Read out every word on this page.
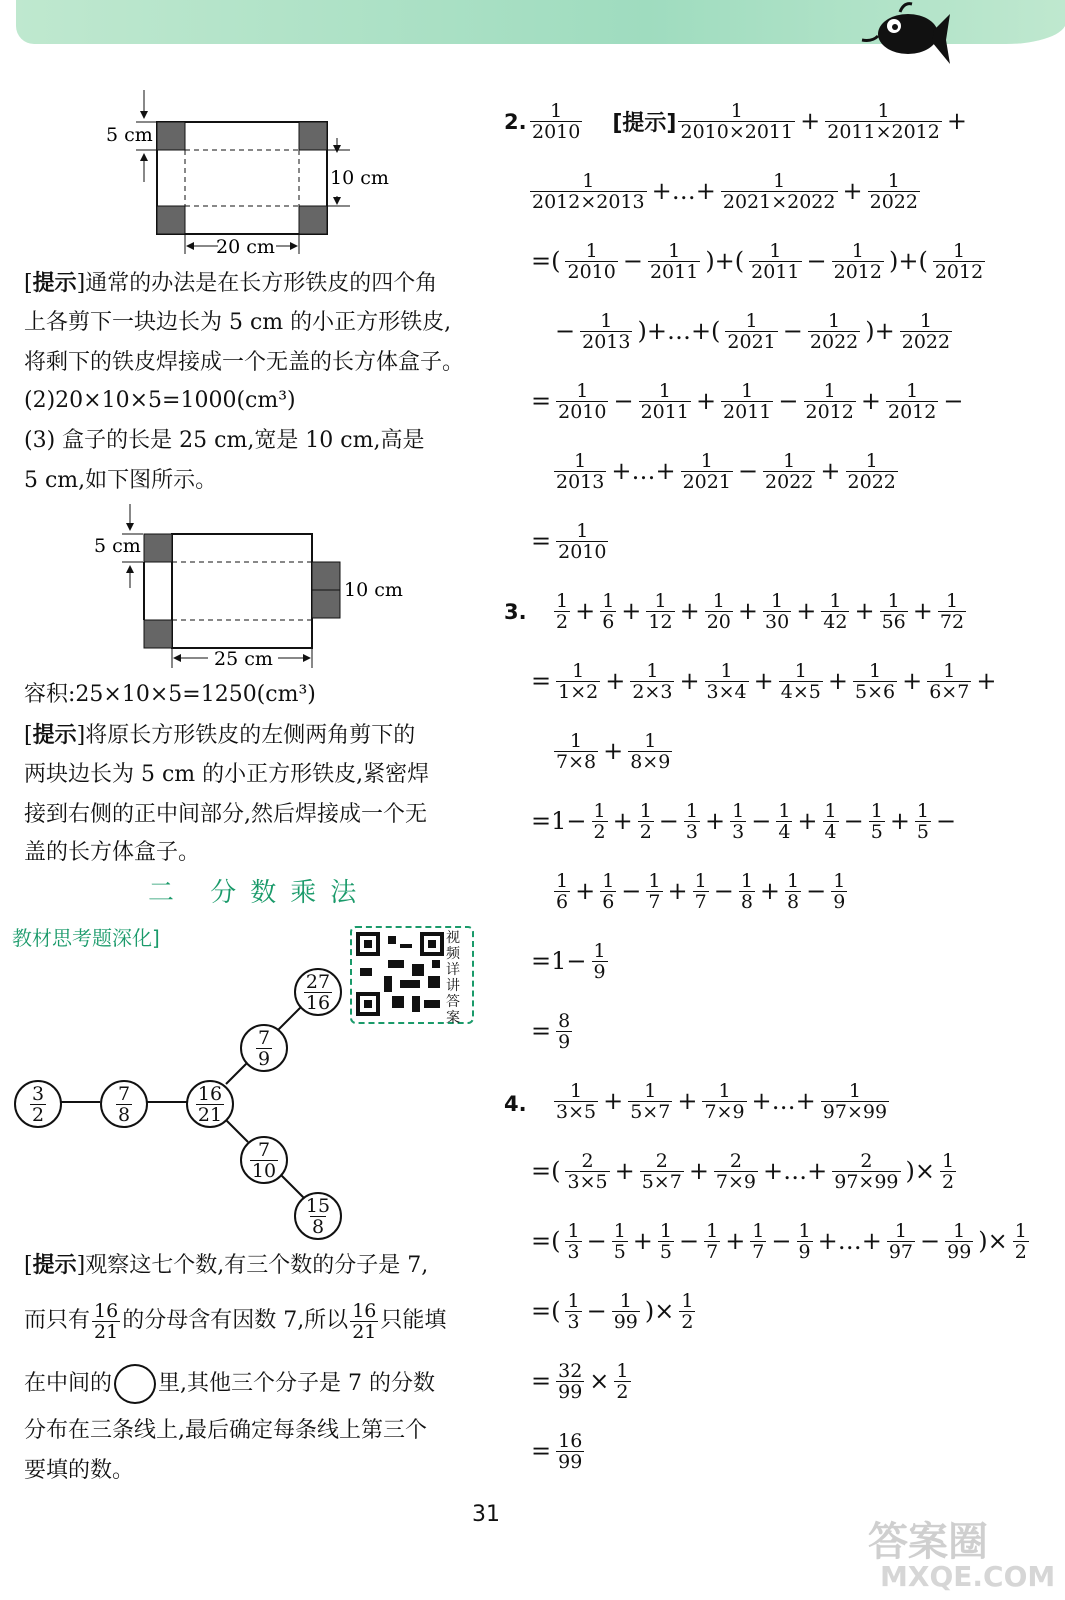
5 cm
10 cm
20 cm
[提示]通常的办法是在长方形铁皮的四个角
上各剪下一块边长为 5 cm 的小正方形铁皮,
将剩下的铁皮焊接成一个无盖的长方体盒子。
(2)20×10×5=1000(cm³)
(3) 盒子的长是 25 cm,宽是 10 cm,高是
5 cm,如下图所示。
5 cm
10 cm
25 cm
容积:25×10×5=1250(cm³)
[提示]将原长方形铁皮的左侧两角剪下的
两块边长为 5 cm 的小正方形铁皮,紧密焊
接到右侧的正中间部分,然后焊接成一个无
盖的长方体盒子。
二 分数乘法
教材思考题深化]	视频详讲答案
$\frac{3}{2}$	$\frac{7}{8}$	$\frac{16}{21}$
$\frac{7}{9}$
$\frac{27}{16}$
$\frac{7}{10}$
$\frac{15}{8}$
[提示]观察这七个数,有三个数的分子是 7,
而只有 $\frac{16}{21}$ 的分母含有因数 7,所以 $\frac{16}{21}$ 只能填
在中间的 里,其他三个分子是 7 的分数
分布在三条线上,最后确定每条线上第三个
要填的数。
2. $\frac{1}{2010}$ [提示] $\frac{1}{2010\times 2011} + \frac{1}{2011\times 2012}$ +
$\frac{1}{2012\times 2013}$ +…+ $\frac{1}{2021\times 2022} + \frac{1}{2022}$
=( $\frac{1}{2010} - \frac{1}{2011}$ )+( $\frac{1}{2011} - \frac{1}{2012}$ )+( $\frac{1}{2012}$
− $\frac{1}{2013}$ )+…+( $\frac{1}{2021} - \frac{1}{2022}$ )+ $\frac{1}{2022}$
= $\frac{1}{2010} - \frac{1}{2011} + \frac{1}{2011} - \frac{1}{2012} + \frac{1}{2012}$ −
$\frac{1}{2013}$ +…+ $\frac{1}{2021} - \frac{1}{2022} + \frac{1}{2022}$
= $\frac{1}{2010}$
3. $\frac{1}{2} + \frac{1}{6} + \frac{1}{12} + \frac{1}{20} + \frac{1}{30} + \frac{1}{42} + \frac{1}{56} + \frac{1}{72}$
= $\frac{1}{1\times 2} + \frac{1}{2\times 3} + \frac{1}{3\times 4} + \frac{1}{4\times 5} + \frac{1}{5\times 6} + \frac{1}{6\times 7}$ +
$\frac{1}{7\times 8} + \frac{1}{8\times 9}$
$=1- \frac{1}{2} + \frac{1}{2} - \frac{1}{3} + \frac{1}{3} - \frac{1}{4} + \frac{1}{4} - \frac{1}{5} + \frac{1}{5}$ −
$\frac{1}{6} + \frac{1}{6} - \frac{1}{7} + \frac{1}{7} - \frac{1}{8} + \frac{1}{8} - \frac{1}{9}$
$=1- \frac{1}{9}$
= $\frac{8}{9}$
4. $\frac{1}{3\times 5} + \frac{1}{5\times 7} + \frac{1}{7\times 9}$ +…+ $\frac{1}{97\times 99}$
=( $\frac{2}{3\times 5} + \frac{2}{5\times 7} + \frac{2}{7\times 9}$ +…+ $\frac{2}{97\times 99}$ )× $\frac{1}{2}$
=( $\frac{1}{3} - \frac{1}{5} + \frac{1}{5} - \frac{1}{7} + \frac{1}{7} - \frac{1}{9}$ +…+ $\frac{1}{97} - \frac{1}{99}$ )× $\frac{1}{2}$
=( $\frac{1}{3} - \frac{1}{99}$ )× $\frac{1}{2}$
= $\frac{32}{99} \times \frac{1}{2}$
= $\frac{16}{99}$
31
答案圈
MXQE.COM
